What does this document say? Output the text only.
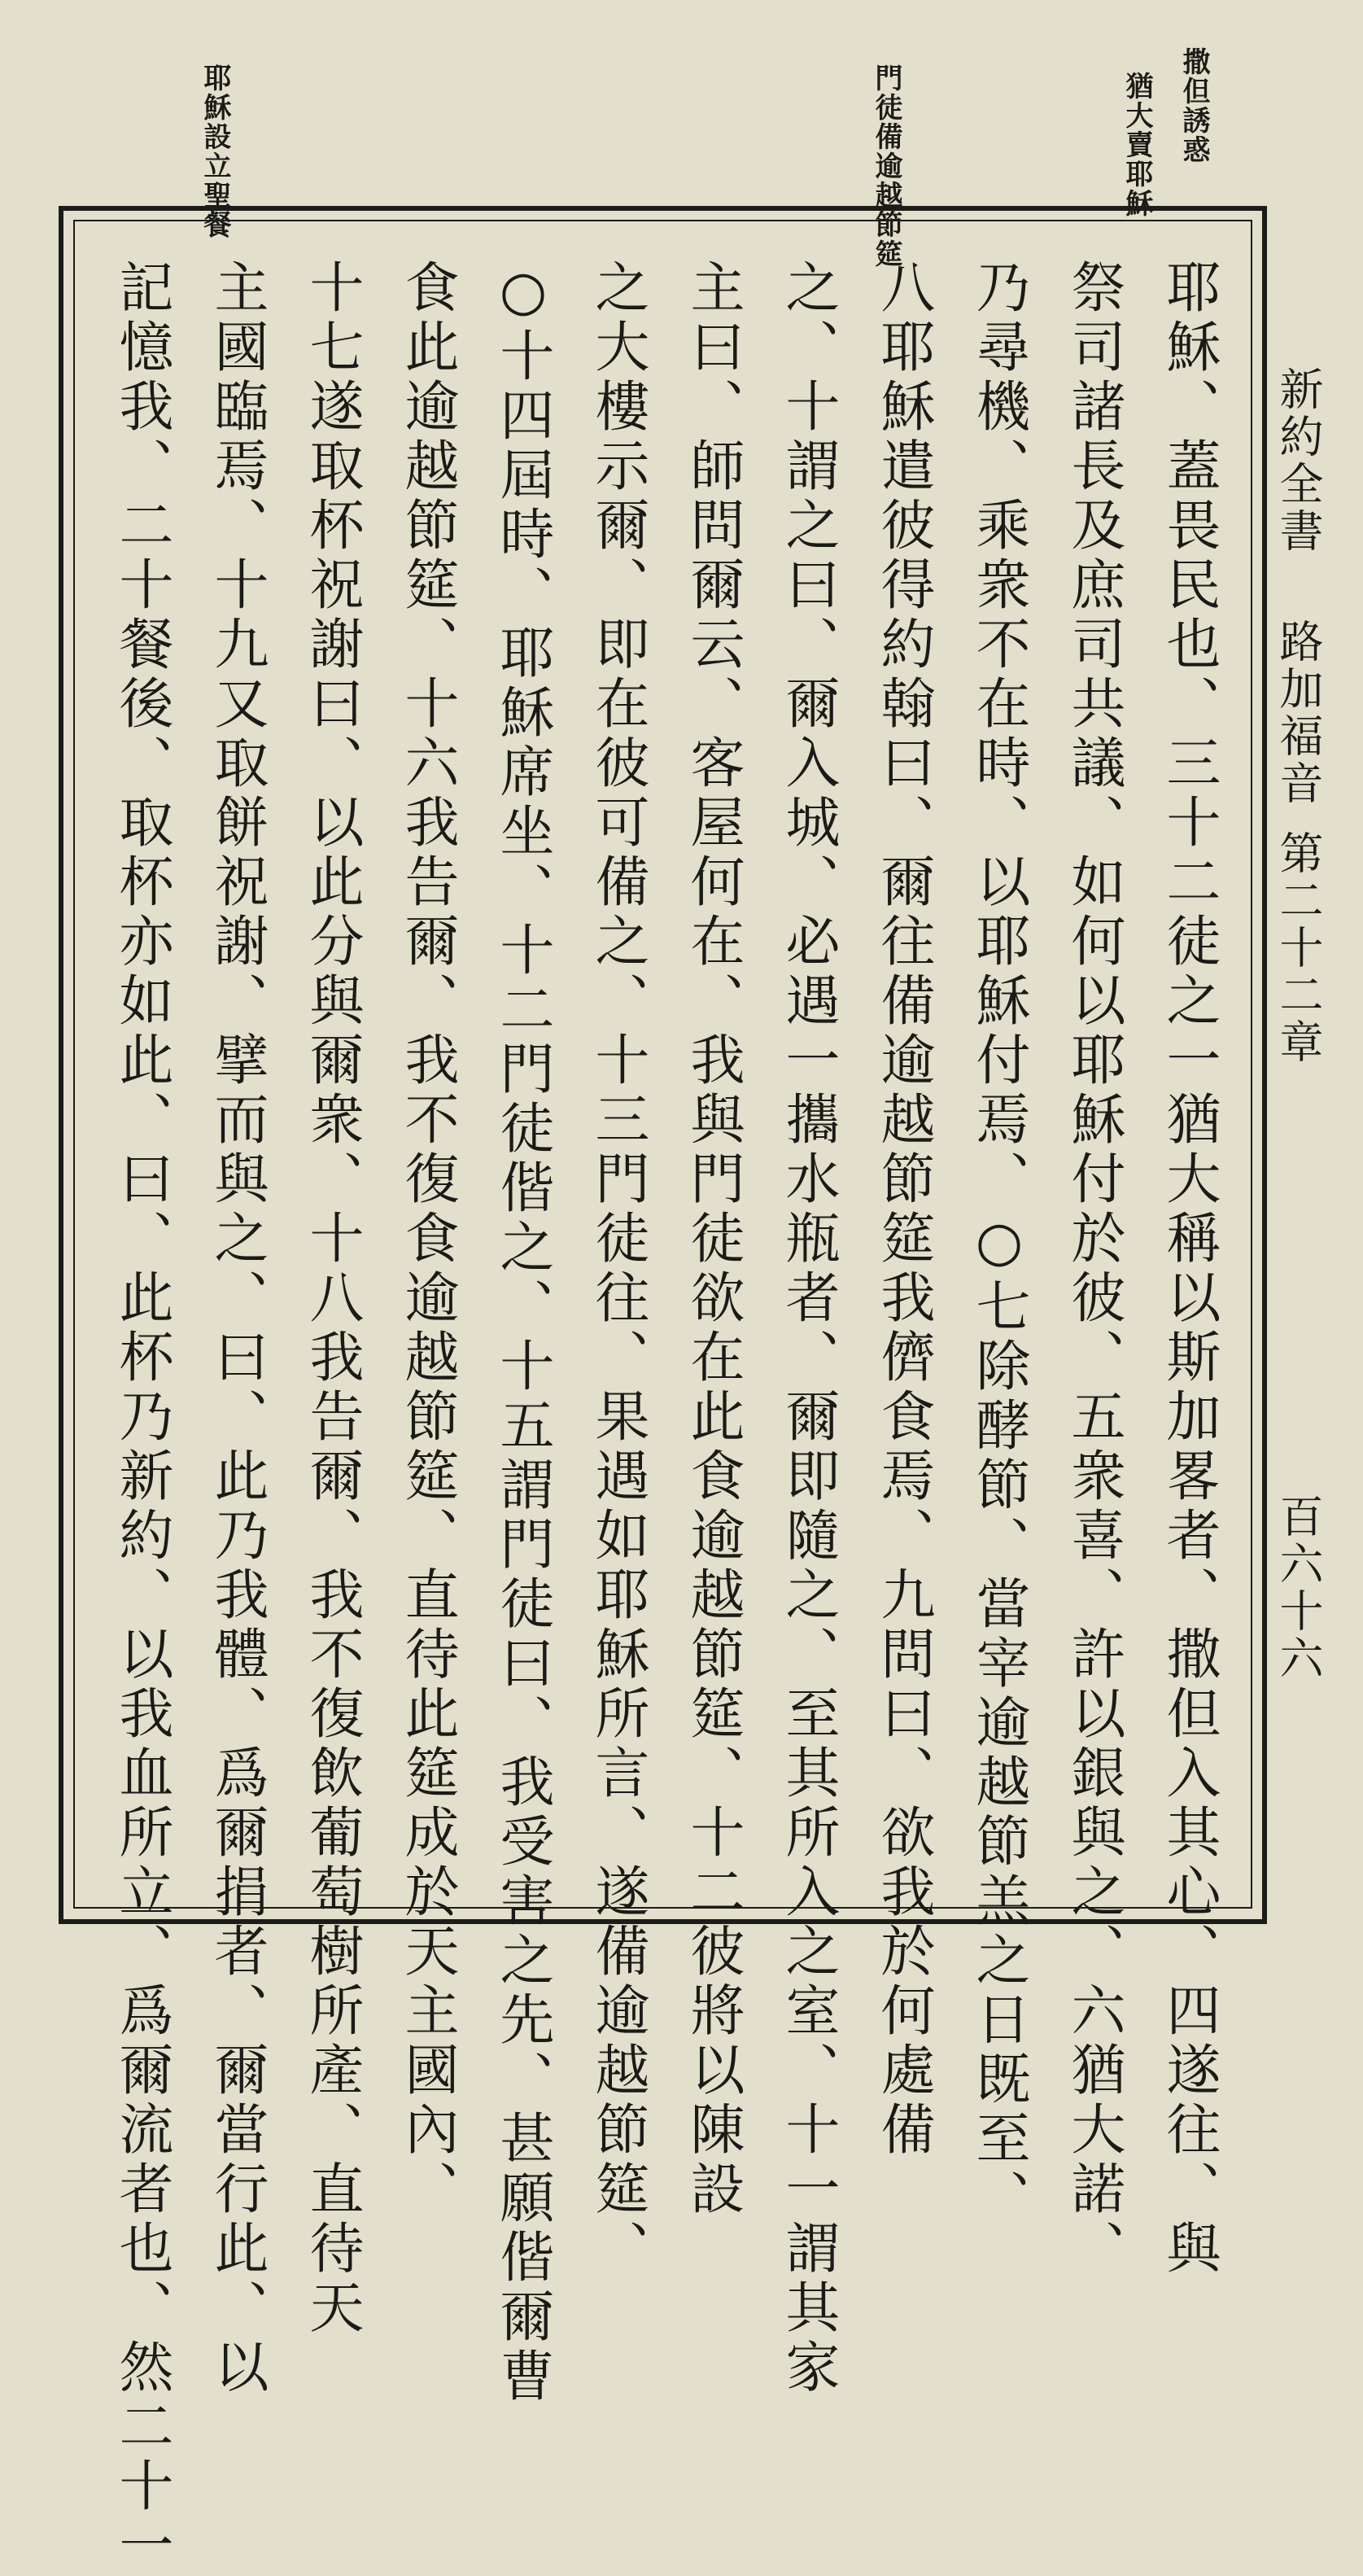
撒但誘惑
猶大賣耶穌
門徒備逾越節筵
耶穌設立聖餐
新約全書
路加福音
第二十二章
百六十六
耶穌、蓋畏民也、三十二徒之一猶大稱以斯加畧者、撒但入其心、四遂往、與
祭司諸長及庶司共議、如何以耶穌付於彼、五衆喜、許以銀與之、六猶大諾、
乃尋機、乘衆不在時、以耶穌付焉、○七除酵節、當宰逾越節羔之日既至、
八耶穌遣彼得約翰曰、爾往備逾越節筵我儕食焉、九問曰、欲我於何處備
之、十謂之曰、爾入城、必遇一攜水瓶者、爾即隨之、至其所入之室、十一謂其家
主曰、師問爾云、客屋何在、我與門徒欲在此食逾越節筵、十二彼將以陳設
之大樓示爾、即在彼可備之、十三門徒往、果遇如耶穌所言、遂備逾越節筵、
○十四屆時、耶穌席坐、十二門徒偕之、十五謂門徒曰、我受害之先、甚願偕爾曹
食此逾越節筵、十六我告爾、我不復食逾越節筵、直待此筵成於天主國內、
十七遂取杯祝謝曰、以此分與爾衆、十八我告爾、我不復飲葡萄樹所產、直待天
主國臨焉、十九又取餅祝謝、擘而與之、曰、此乃我體、爲爾捐者、爾當行此、以
記憶我、二十餐後、取杯亦如此、曰、此杯乃新約、以我血所立、爲爾流者也、然二十一
